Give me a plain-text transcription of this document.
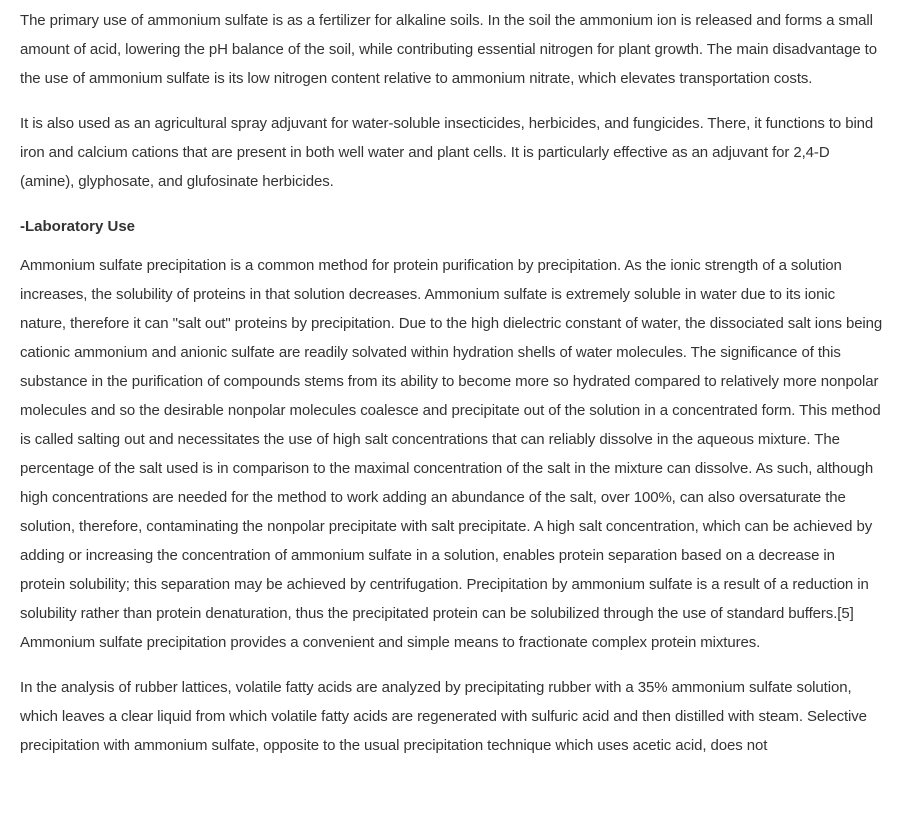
The primary use of ammonium sulfate is as a fertilizer for alkaline soils. In the soil the ammonium ion is released and forms a small amount of acid, lowering the pH balance of the soil, while contributing essential nitrogen for plant growth. The main disadvantage to the use of ammonium sulfate is its low nitrogen content relative to ammonium nitrate, which elevates transportation costs.

It is also used as an agricultural spray adjuvant for water-soluble insecticides, herbicides, and fungicides. There, it functions to bind iron and calcium cations that are present in both well water and plant cells. It is particularly effective as an adjuvant for 2,4-D (amine), glyphosate, and glufosinate herbicides.

-Laboratory Use

Ammonium sulfate precipitation is a common method for protein purification by precipitation. As the ionic strength of a solution increases, the solubility of proteins in that solution decreases. Ammonium sulfate is extremely soluble in water due to its ionic nature, therefore it can "salt out" proteins by precipitation. Due to the high dielectric constant of water, the dissociated salt ions being cationic ammonium and anionic sulfate are readily solvated within hydration shells of water molecules. The significance of this substance in the purification of compounds stems from its ability to become more so hydrated compared to relatively more nonpolar molecules and so the desirable nonpolar molecules coalesce and precipitate out of the solution in a concentrated form. This method is called salting out and necessitates the use of high salt concentrations that can reliably dissolve in the aqueous mixture. The percentage of the salt used is in comparison to the maximal concentration of the salt in the mixture can dissolve. As such, although high concentrations are needed for the method to work adding an abundance of the salt, over 100%, can also oversaturate the solution, therefore, contaminating the nonpolar precipitate with salt precipitate. A high salt concentration, which can be achieved by adding or increasing the concentration of ammonium sulfate in a solution, enables protein separation based on a decrease in protein solubility; this separation may be achieved by centrifugation. Precipitation by ammonium sulfate is a result of a reduction in solubility rather than protein denaturation, thus the precipitated protein can be solubilized through the use of standard buffers.[5] Ammonium sulfate precipitation provides a convenient and simple means to fractionate complex protein mixtures.

In the analysis of rubber lattices, volatile fatty acids are analyzed by precipitating rubber with a 35% ammonium sulfate solution, which leaves a clear liquid from which volatile fatty acids are regenerated with sulfuric acid and then distilled with steam. Selective precipitation with ammonium sulfate, opposite to the usual precipitation technique which uses acetic acid, does not
